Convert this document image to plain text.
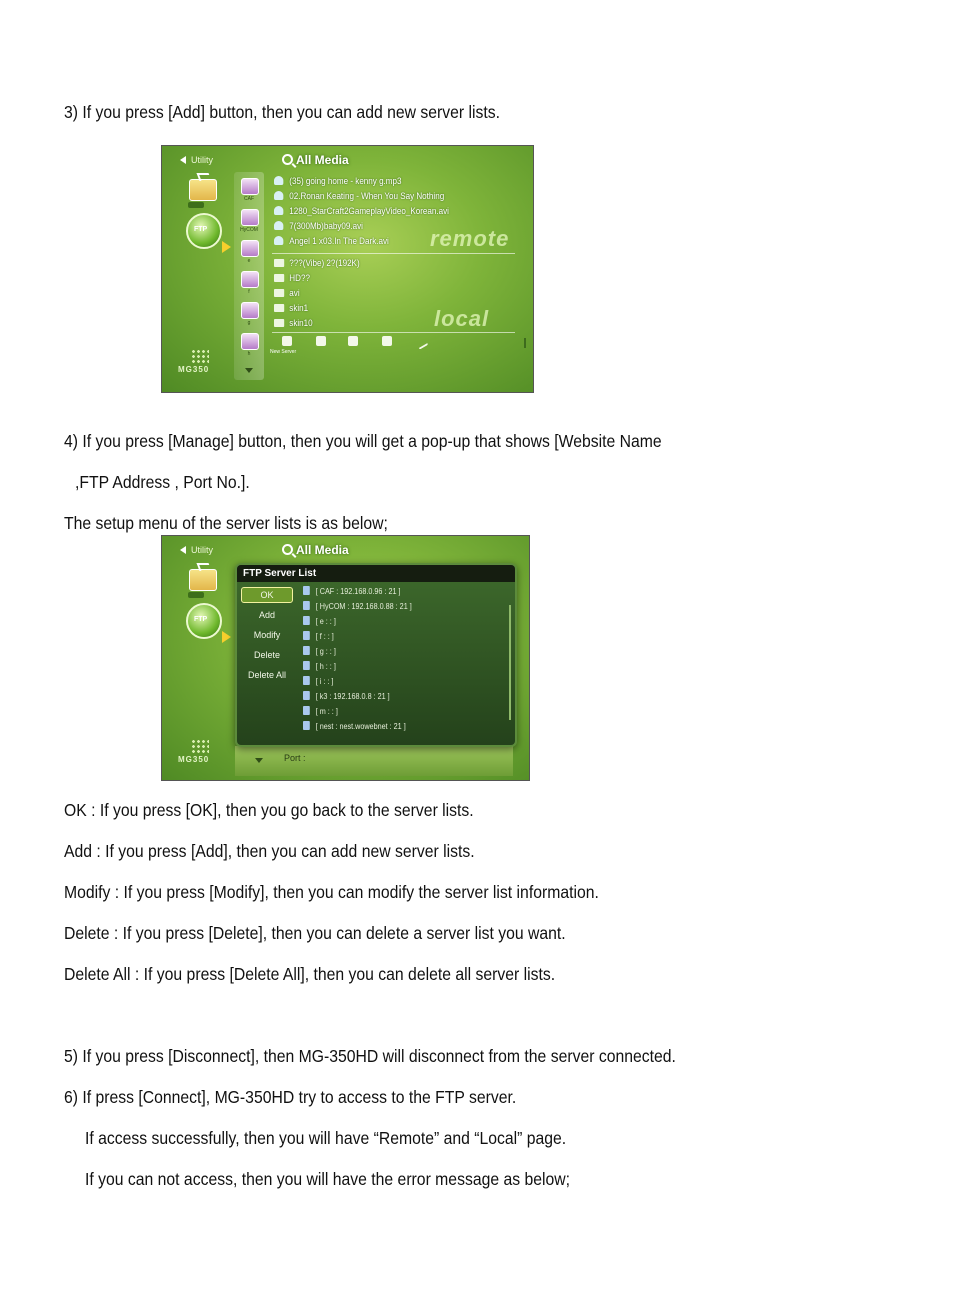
3) If you press [Add] button, then you can add new server lists.
Utility	All Media

FTP
MG350

CAF
HyCOM
e
f
g
h
(35) going home - kenny g.mp3
02.Ronan Keating - When You Say Nothing
1280_StarCraft2GameplayVideo_Korean.avi
7(300Mb)baby09.avi
Angel 1 x03.In The Dark.avi	remote
???(Vibe) 2?(192K)
HD??
avi
skin1
skin10	local
New Server
4) If you press [Manage] button, then you will get a pop-up that shows [Website Name
,FTP Address , Port No.].
The setup menu of the server lists is as below;
Utility	All Media

FTP
MG350
	Port :
FTP Server List
OK
Add
Modify
Delete
Delete All
[ CAF : 192.168.0.96 : 21 ]
[ HyCOM : 192.168.0.88 : 21 ]
[ e : : ]
[ f : : ]
[ g : : ]
[ h : : ]
[ i : : ]
[ k3 : 192.168.0.8 : 21 ]
[ m : : ]
[ nest : nest.wowebnet : 21 ]
OK : If you press [OK], then you go back to the server lists.
Add : If you press [Add], then you can add new server lists.
Modify : If you press [Modify], then you can modify the server list information.
Delete : If you press [Delete], then you can delete a server list you want.
Delete All : If you press [Delete All], then you can delete all server lists.
5) If you press [Disconnect], then MG-350HD will disconnect from the server connected.
6) If press [Connect], MG-350HD try to access to the FTP server.
If access successfully, then you will have “Remote” and “Local” page.
If you can not access, then you will have the error message as below;
